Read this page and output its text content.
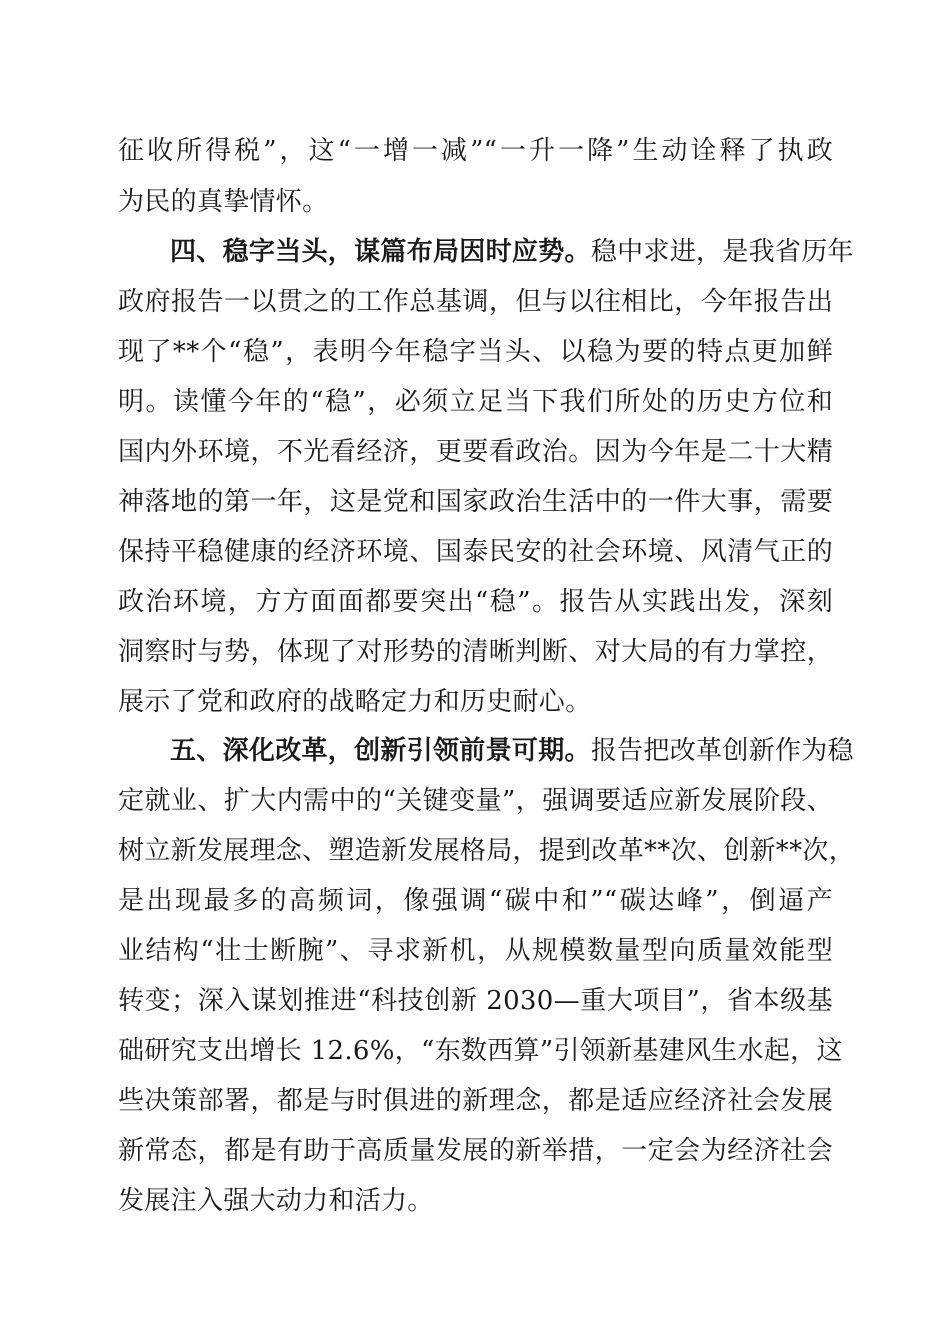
征收所得税”，这“一增一减”“一升一降”生动诠释了执政
为民的真挚情怀。
四、稳字当头，谋篇布局因时应势。稳中求进，是我省历年
政府报告一以贯之的工作总基调，但与以往相比，今年报告出
现了**个“稳”，表明今年稳字当头、以稳为要的特点更加鲜
明。读懂今年的“稳”，必须立足当下我们所处的历史方位和
国内外环境，不光看经济，更要看政治。因为今年是二十大精
神落地的第一年，这是党和国家政治生活中的一件大事，需要
保持平稳健康的经济环境、国泰民安的社会环境、风清气正的
政治环境，方方面面都要突出“稳”。报告从实践出发，深刻
洞察时与势，体现了对形势的清晰判断、对大局的有力掌控，
展示了党和政府的战略定力和历史耐心。
五、深化改革，创新引领前景可期。报告把改革创新作为稳
定就业、扩大内需中的“关键变量”，强调要适应新发展阶段、
树立新发展理念、塑造新发展格局，提到改革**次、创新**次，
是出现最多的高频词，像强调“碳中和”“碳达峰”，倒逼产
业结构“壮士断腕”、寻求新机，从规模数量型向质量效能型
转变；深入谋划推进“科技创新 2030—重大项目”，省本级基
础研究支出增长 12.6%，“东数西算”引领新基建风生水起，这
些决策部署，都是与时俱进的新理念，都是适应经济社会发展
新常态，都是有助于高质量发展的新举措，一定会为经济社会
发展注入强大动力和活力。
